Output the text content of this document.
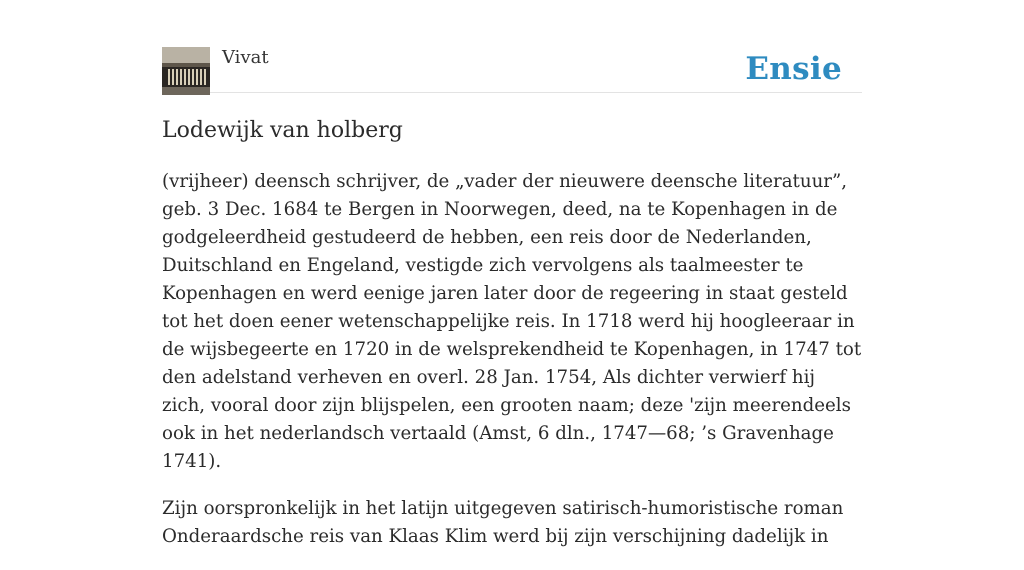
Vivat	Ensie
Lodewijk van holberg

(vrijheer) deensch schrijver, de „vader der nieuwere deensche literatuur”, geb. 3 Dec. 1684 te Bergen in Noorwegen, deed, na te Kopenhagen in de godgeleerdheid gestudeerd de hebben, een reis door de Nederlanden, Duitschland en Engeland, vestigde zich vervolgens als taalmeester te Kopenhagen en werd eenige jaren later door de regeering in staat gesteld tot het doen eener wetenschappelijke reis. In 1718 werd hij hoogleeraar in de wijsbegeerte en 1720 in de welsprekendheid te Kopenhagen, in 1747 tot den adelstand verheven en overl. 28 Jan. 1754, Als dichter verwierf hij zich, vooral door zijn blijspelen, een grooten naam; deze 'zijn meerendeels ook in het nederlandsch vertaald (Amst, 6 dln., 1747—68; ’s Gravenhage 1741).

Zijn oorspronkelijk in het latijn uitgegeven satirisch-humoristische roman Onderaardsche reis van Klaas Klim werd bij zijn verschijning dadelijk in
